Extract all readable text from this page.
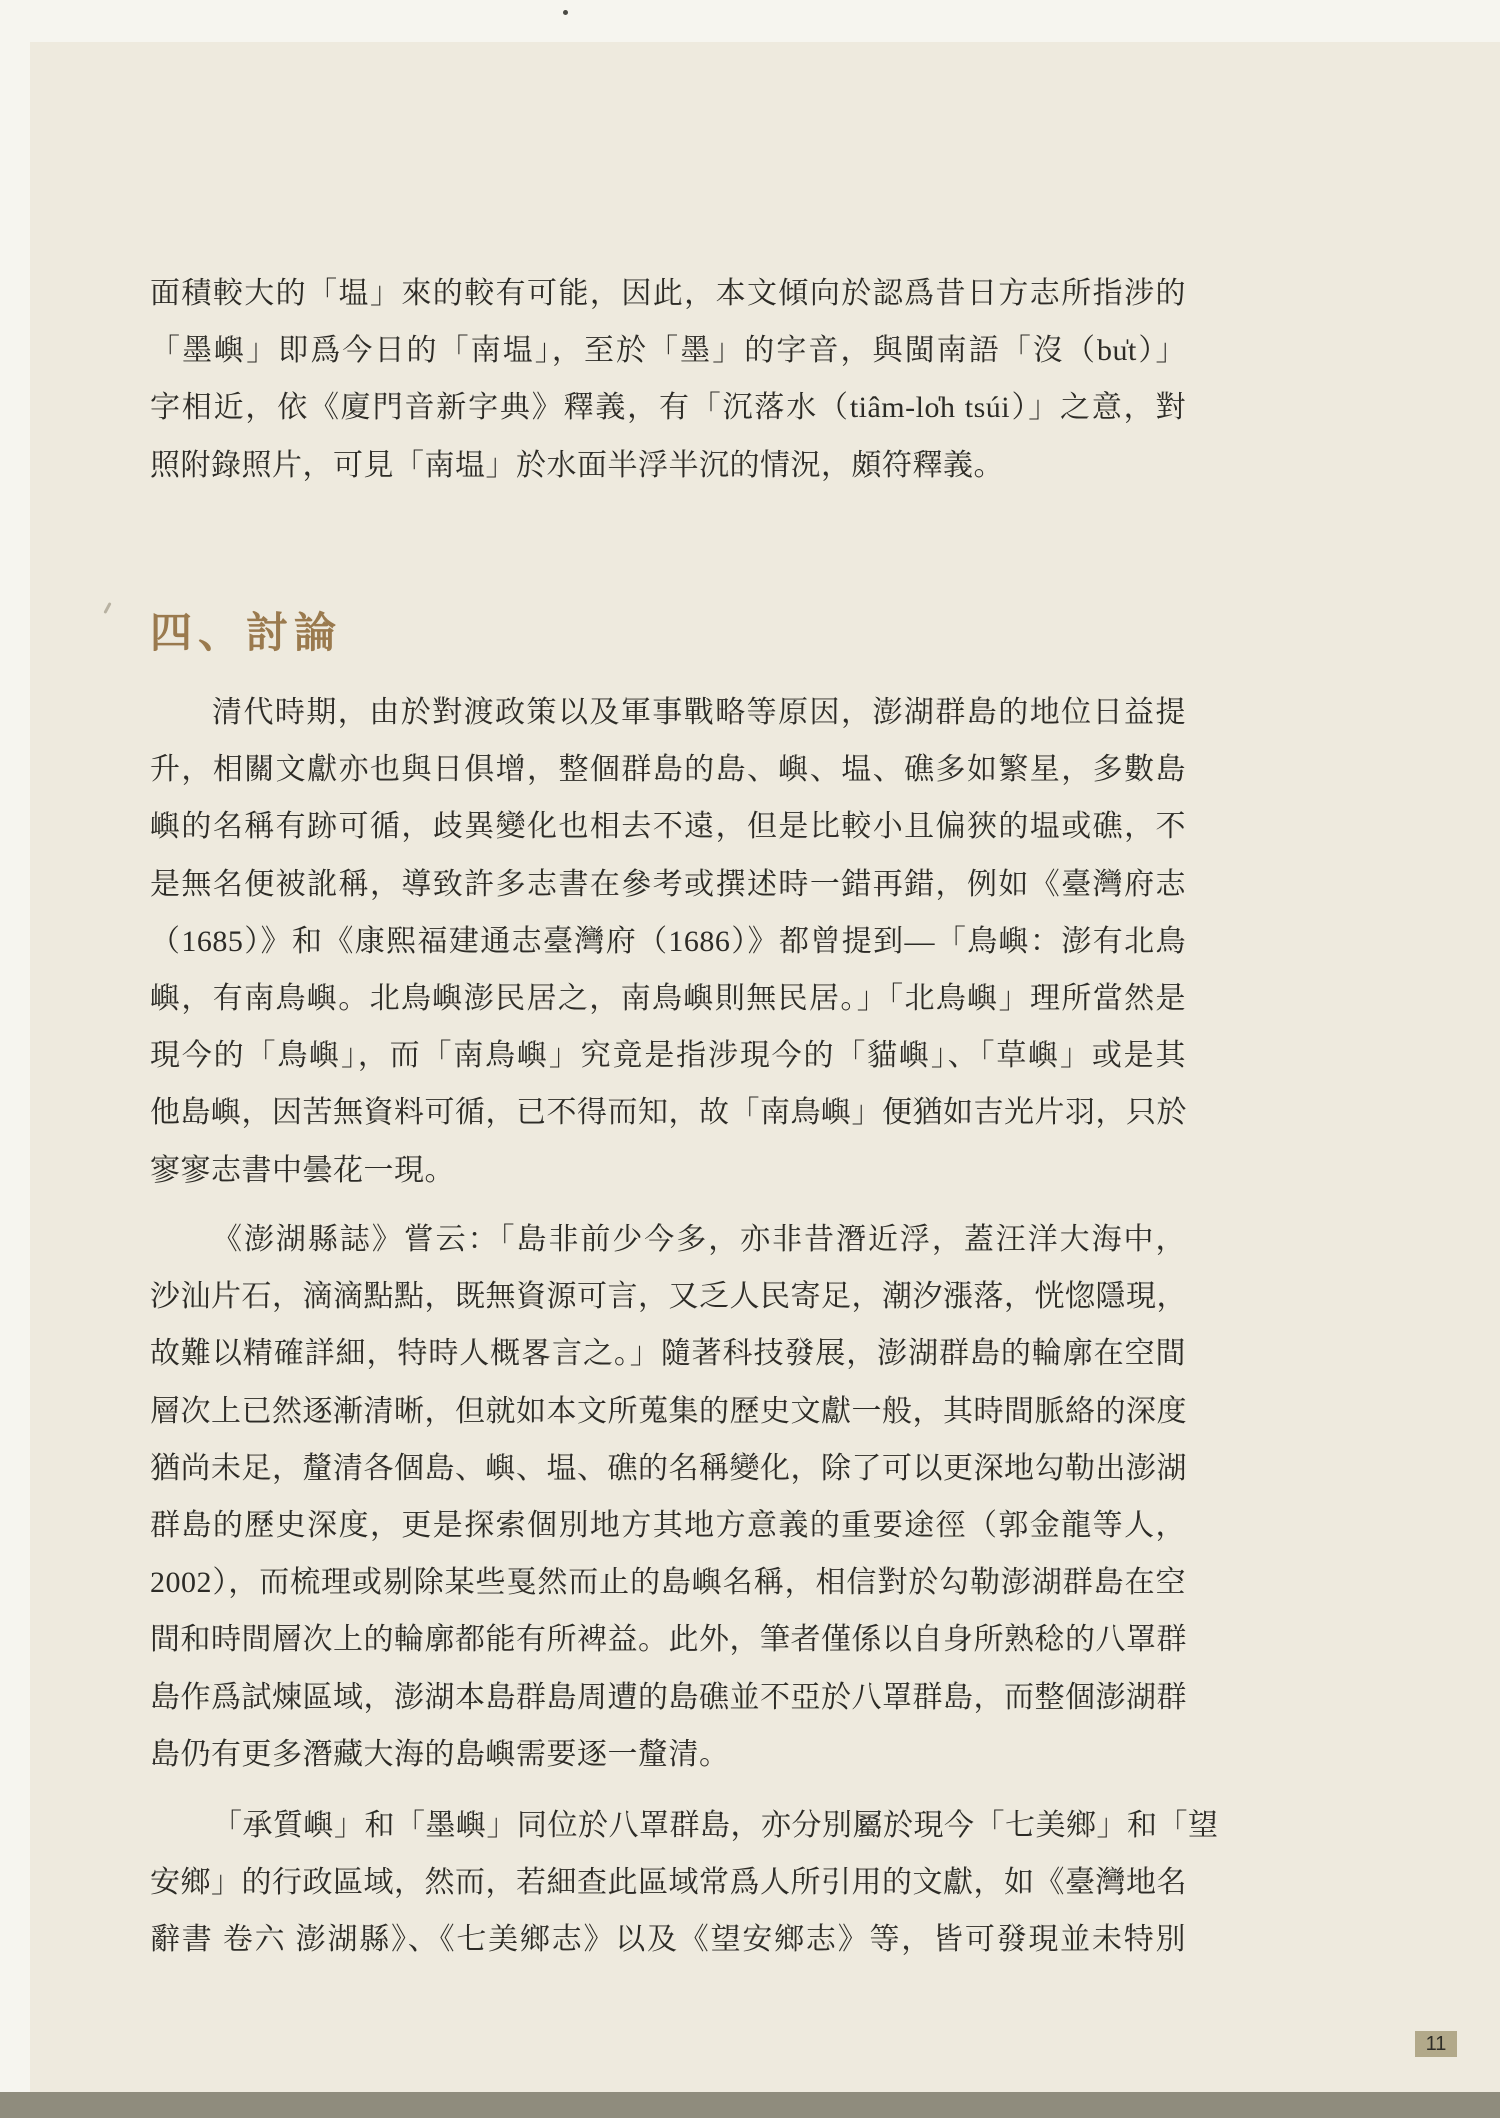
面積較大的「塭」來的較有可能，因此，本文傾向於認爲昔日方志所指涉的
「墨嶼」即爲今日的「南塭」，至於「墨」的字音，與閩南語「沒（bu̍t）」
字相近，依《廈門音新字典》釋義，有「沉落水（tiâm-lo̍h tsúi）」之意，對
照附錄照片，可見「南塭」於水面半浮半沉的情況，頗符釋義。
四、討論
清代時期，由於對渡政策以及軍事戰略等原因，澎湖群島的地位日益提
升，相關文獻亦也與日俱增，整個群島的島、嶼、塭、礁多如繁星，多數島
嶼的名稱有跡可循，歧異變化也相去不遠，但是比較小且偏狹的塭或礁，不
是無名便被訛稱，導致許多志書在參考或撰述時一錯再錯，例如《臺灣府志
（1685）》和《康熙福建通志臺灣府（1686）》都曾提到—「鳥嶼：澎有北鳥
嶼，有南鳥嶼。北鳥嶼澎民居之，南鳥嶼則無民居。」「北鳥嶼」理所當然是
現今的「鳥嶼」，而「南鳥嶼」究竟是指涉現今的「貓嶼」、「草嶼」或是其
他島嶼，因苦無資料可循，已不得而知，故「南鳥嶼」便猶如吉光片羽，只於
寥寥志書中曇花一現。
《澎湖縣誌》嘗云：「島非前少今多，亦非昔潛近浮，蓋汪洋大海中，
沙汕片石，滴滴點點，既無資源可言，又乏人民寄足，潮汐漲落，恍惚隱現，
故難以精確詳細，特時人概畧言之。」隨著科技發展，澎湖群島的輪廓在空間
層次上已然逐漸清晰，但就如本文所蒐集的歷史文獻一般，其時間脈絡的深度
猶尚未足，釐清各個島、嶼、塭、礁的名稱變化，除了可以更深地勾勒出澎湖
群島的歷史深度，更是探索個別地方其地方意義的重要途徑（郭金龍等人，
2002），而梳理或剔除某些戛然而止的島嶼名稱，相信對於勾勒澎湖群島在空
間和時間層次上的輪廓都能有所裨益。此外，筆者僅係以自身所熟稔的八罩群
島作爲試煉區域，澎湖本島群島周遭的島礁並不亞於八罩群島，而整個澎湖群
島仍有更多潛藏大海的島嶼需要逐一釐清。
「承質嶼」和「墨嶼」同位於八罩群島，亦分別屬於現今「七美鄉」和「望
安鄉」的行政區域，然而，若細查此區域常爲人所引用的文獻，如《臺灣地名
辭書 卷六 澎湖縣》、《七美鄉志》以及《望安鄉志》等，皆可發現並未特別
11
